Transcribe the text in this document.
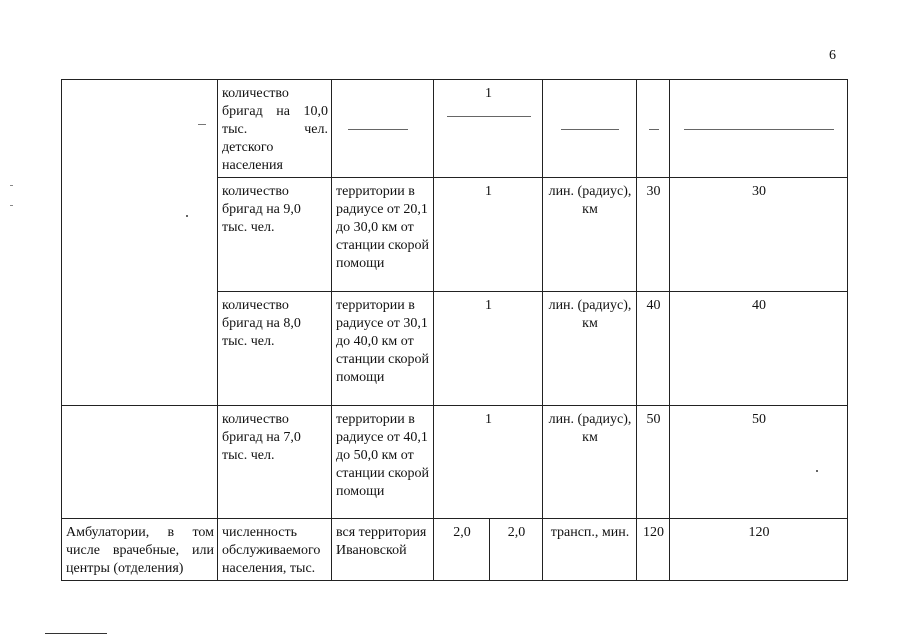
6
	количество бригад на 10,0 тыс. чел. детского населения		1				

	количество бригад на 9,0 тыс. чел.	территории в радиусе от 20,1 до 30,0 км от станции скорой помощи	1		лин. (радиус), км	30	30
	количество бригад на 8,0 тыс. чел.	территории в радиусе от 30,1 до 40,0 км от станции скорой помощи	1		лин. (радиус), км	40	40
	количество бригад на 7,0 тыс. чел.	территории в радиусе от 40,1 до 50,0 км от станции скорой помощи	1		лин. (радиус), км	50	50
Амбулатории, в том числе врачебные, или центры (отделения)	численность обслуживаемого населения, тыс.	вся территория Ивановской	2,0	2,0	трансп., мин.	120	120
